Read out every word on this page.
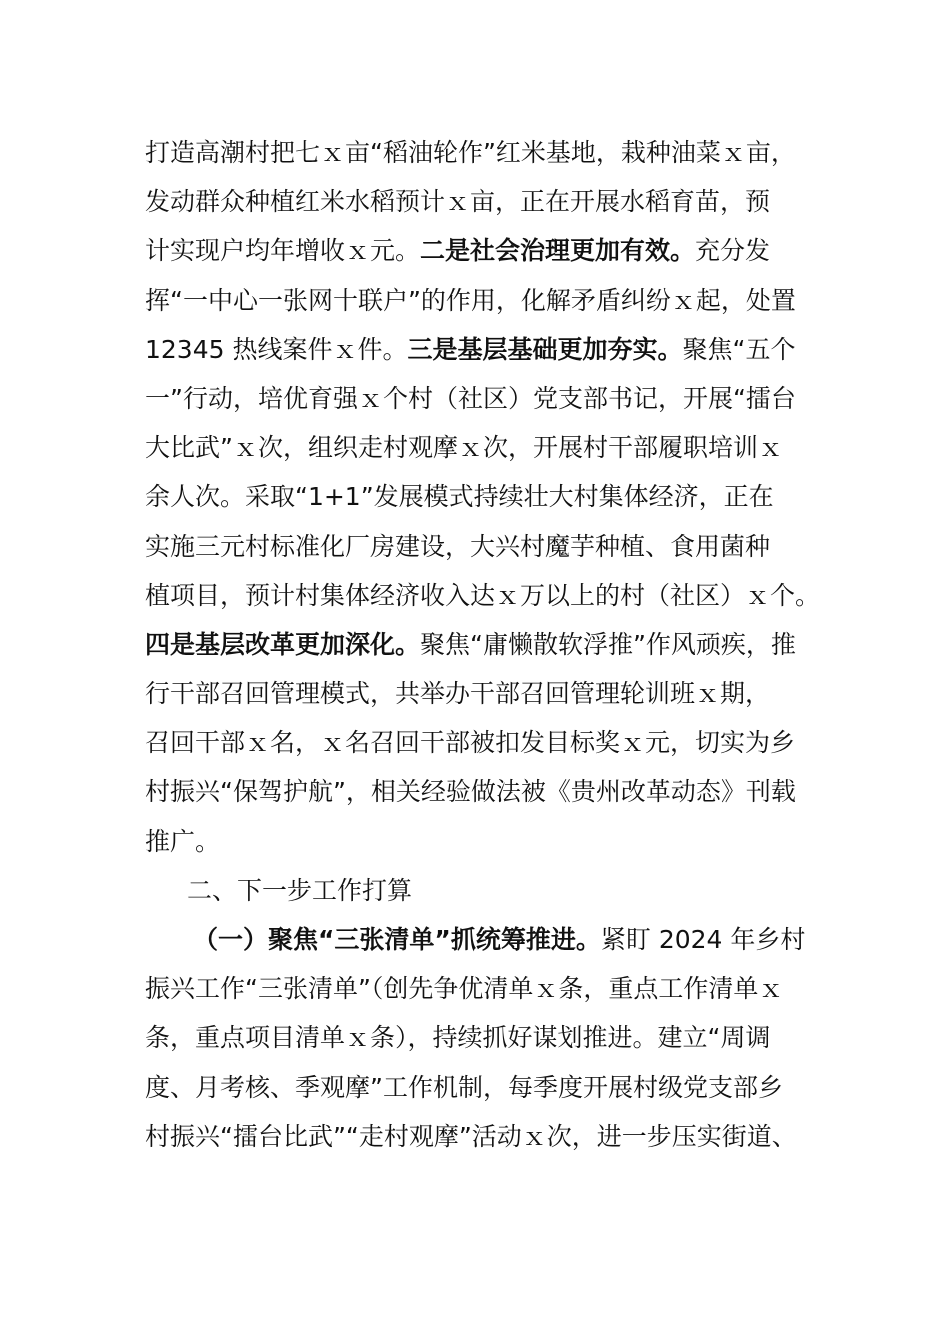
打造高潮村把七ｘ亩“稻油轮作”红米基地，栽种油菜ｘ亩，
发动群众种植红米水稻预计ｘ亩，正在开展水稻育苗，预
计实现户均年增收ｘ元。二是社会治理更加有效。充分发
挥“一中心一张网十联户”的作用，化解矛盾纠纷ｘ起，处置
12345 热线案件ｘ件。三是基层基础更加夯实。聚焦“五个
一”行动，培优育强ｘ个村（社区）党支部书记，开展“擂台
大比武”ｘ次，组织走村观摩ｘ次，开展村干部履职培训ｘ
余人次。采取“1+1”发展模式持续壮大村集体经济，正在
实施三元村标准化厂房建设，大兴村魔芋种植、食用菌种
植项目，预计村集体经济收入达ｘ万以上的村（社区）ｘ个。
四是基层改革更加深化。聚焦“庸懒散软浮推”作风顽疾，推
行干部召回管理模式，共举办干部召回管理轮训班ｘ期，
召回干部ｘ名，ｘ名召回干部被扣发目标奖ｘ元，切实为乡
村振兴“保驾护航”，相关经验做法被《贵州改革动态》刊载
推广。
二、下一步工作打算
（一）聚焦“三张清单”抓统筹推进。紧盯 2024 年乡村
振兴工作“三张清单”（创先争优清单ｘ条，重点工作清单ｘ
条，重点项目清单ｘ条），持续抓好谋划推进。建立“周调
度、月考核、季观摩”工作机制，每季度开展村级党支部乡
村振兴“擂台比武”“走村观摩”活动ｘ次，进一步压实街道、
